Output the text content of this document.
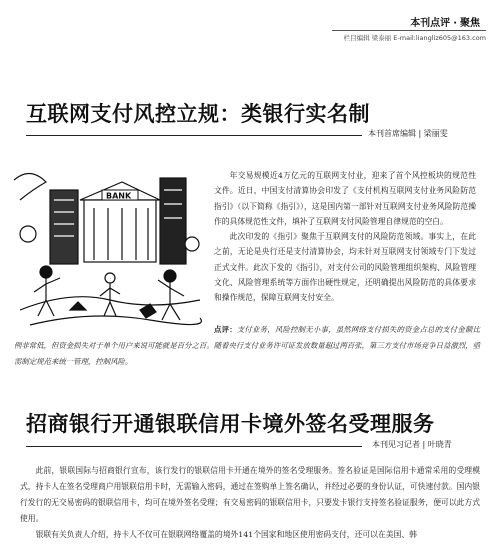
本刊点评 · 聚焦
栏目编辑 梁泰丽 E-mail:liangliz605@163.com
互联网支付风控立规：类银行实名制
本刊首席编辑 | 梁丽雯
BANK

年交易规模近4万亿元的互联网支付业，迎来了首个风控板块的规范性文件。近日，中国支付清算协会印发了《支付机构互联网支付业务风险防范指引》（以下简称《指引》），这是国内第一部针对互联网支付业务风险防范操作的具体规范性文件，填补了互联网支付风险管理自律规范的空白。

此次印发的《指引》聚焦于互联网支付的风险防范领域。事实上，在此之前，无论是央行还是支付清算协会，均未针对互联网支付领域专门下发过正式文件。此次下发的《指引》，对支付公司的风险管理组织架构、风险管理文化、风险管理系统等方面作出硬性规定，还明确提出风险防范的具体要求和操作规范，保障互联网支付安全。

点评：支付业务，风险控制无小事，虽然网络支付损失的资金占总的支付金额比例非常低，但资金损失对于单个用户来说可能就是百分之百。随着央行支付业务许可证发放数量超过两百张，第三方支付市场竞争日益激烈，亟需制定规范来统一管理，控制风险。
招商银行开通银联信用卡境外签名受理服务
本刊见习记者 | 叶晓青

此前，银联国际与招商银行宣布，该行发行的银联信用卡开通在境外的签名受理服务。签名验证是国际信用卡通常采用的受理模式，持卡人在签名受理商户用银联信用卡时，无需输入密码，通过在签购单上签名确认，并经过必要的身份认证，可快速付款。国内银行发行的无交易密码的银联信用卡，均可在境外签名受理；有交易密码的银联信用卡，只要发卡银行支持签名验证服务，便可以此方式使用。

银联有关负责人介绍，持卡人不仅可在银联网络覆盖的境外141个国家和地区使用密码支付，还可以在美国、韩
